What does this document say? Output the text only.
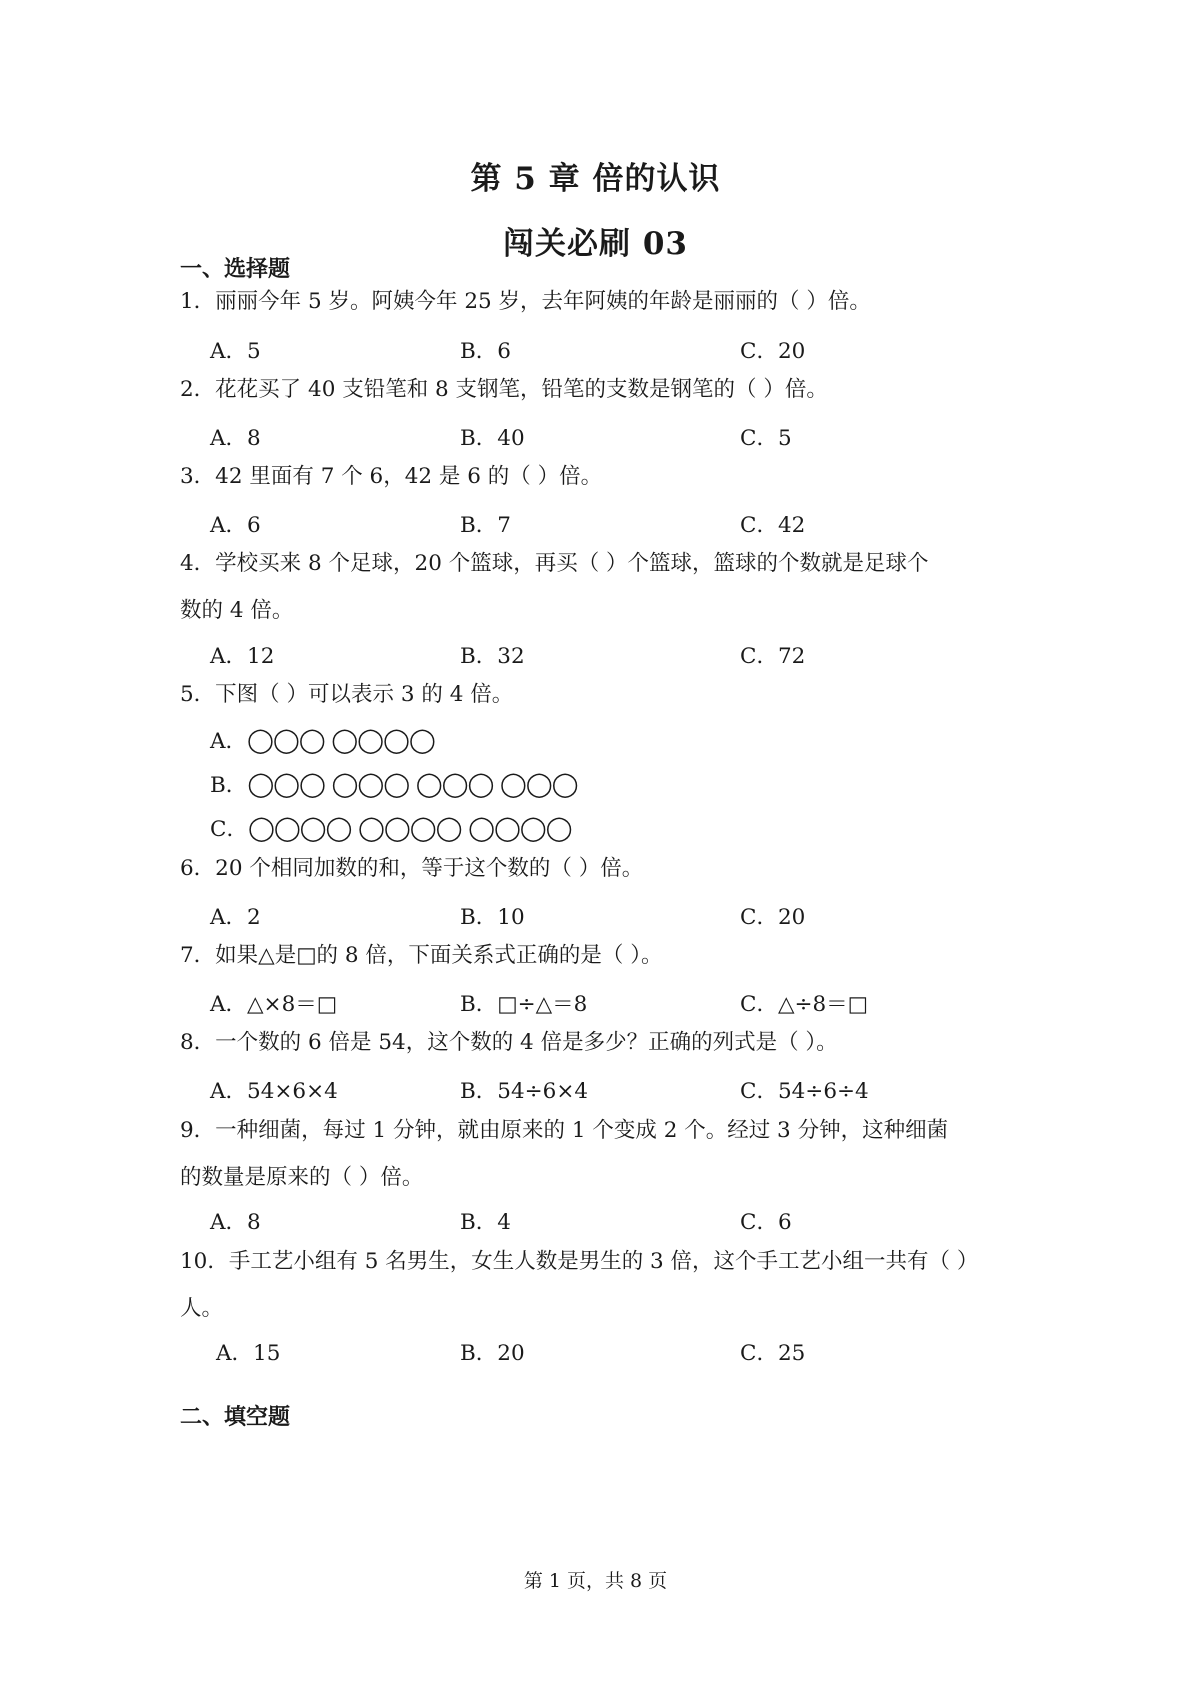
第 5 章 倍的认识
闯关必刷 03
一、选择题
1．丽丽今年 5 岁。阿姨今年 25 岁，去年阿姨的年龄是丽丽的（ ）倍。
A．5	B．6	C．20
2．花花买了 40 支铅笔和 8 支钢笔，铅笔的支数是钢笔的（ ）倍。
A．8	B．40	C．5
3．42 里面有 7 个 6，42 是 6 的（ ）倍。
A．6	B．7	C．42
4．学校买来 8 个足球，20 个篮球，再买（ ）个篮球，篮球的个数就是足球个
数的 4 倍。
A．12	B．32	C．72
5．下图（ ）可以表示 3 的 4 倍。
A．◯◯◯ ◯◯◯◯
B．◯◯◯ ◯◯◯ ◯◯◯ ◯◯◯
C．◯◯◯◯ ◯◯◯◯ ◯◯◯◯
6．20 个相同加数的和，等于这个数的（ ）倍。
A．2	B．10	C．20
7．如果△是□的 8 倍，下面关系式正确的是（ ）。
A．△×8＝□	B．□÷△＝8	C．△÷8＝□
8．一个数的 6 倍是 54，这个数的 4 倍是多少？正确的列式是（ ）。
A．54×6×4	B．54÷6×4	C．54÷6÷4
9．一种细菌，每过 1 分钟，就由原来的 1 个变成 2 个。经过 3 分钟，这种细菌
的数量是原来的（ ）倍。
A．8	B．4	C．6
10．手工艺小组有 5 名男生，女生人数是男生的 3 倍，这个手工艺小组一共有（ ）
人。
A．15	B．20	C．25
二、填空题
第 1 页，共 8 页
